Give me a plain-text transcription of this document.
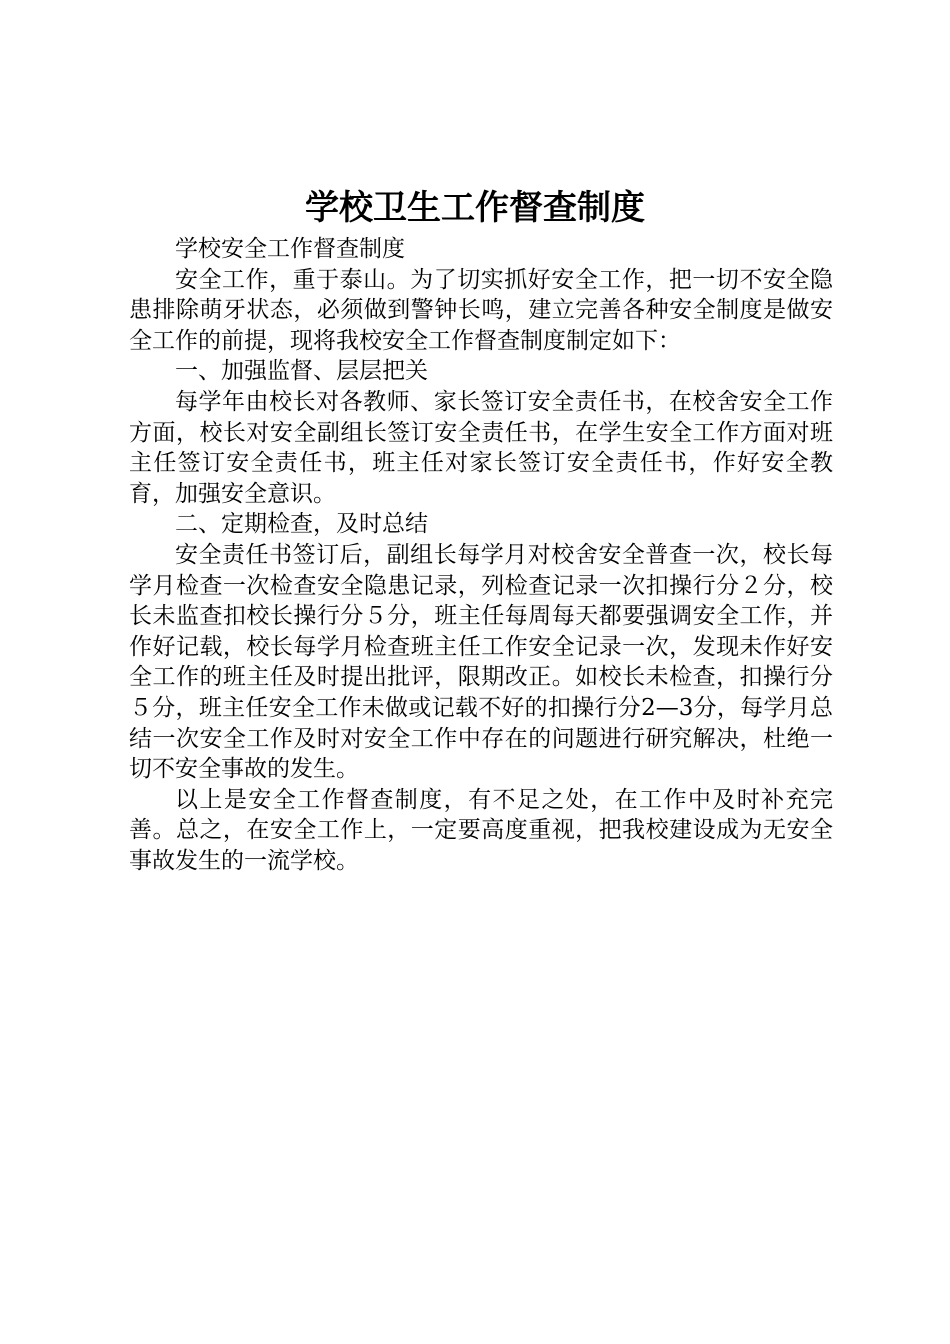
学校卫生工作督查制度

学校安全工作督查制度

安全工作，重于泰山。为了切实抓好安全工作，把一切不安全隐患排除萌牙状态，必须做到警钟长鸣，建立完善各种安全制度是做安全工作的前提，现将我校安全工作督查制度制定如下：

一、加强监督、层层把关

每学年由校长对各教师、家长签订安全责任书，在校舍安全工作方面，校长对安全副组长签订安全责任书，在学生安全工作方面对班主任签订安全责任书，班主任对家长签订安全责任书，作好安全教育，加强安全意识。

二、定期检查，及时总结

安全责任书签订后，副组长每学月对校舍安全普查一次，校长每学月检查一次检查安全隐患记录，列检查记录一次扣操行分２分，校长未监查扣校长操行分５分，班主任每周每天都要强调安全工作，并作好记载，校长每学月检查班主任工作安全记录一次，发现未作好安全工作的班主任及时提出批评，限期改正。如校长未检查，扣操行分５分，班主任安全工作未做或记载不好的扣操行分2—3分，每学月总结一次安全工作及时对安全工作中存在的问题进行研究解决，杜绝一切不安全事故的发生。

以上是安全工作督查制度，有不足之处，在工作中及时补充完善。总之，在安全工作上，一定要高度重视，把我校建设成为无安全事故发生的一流学校。
